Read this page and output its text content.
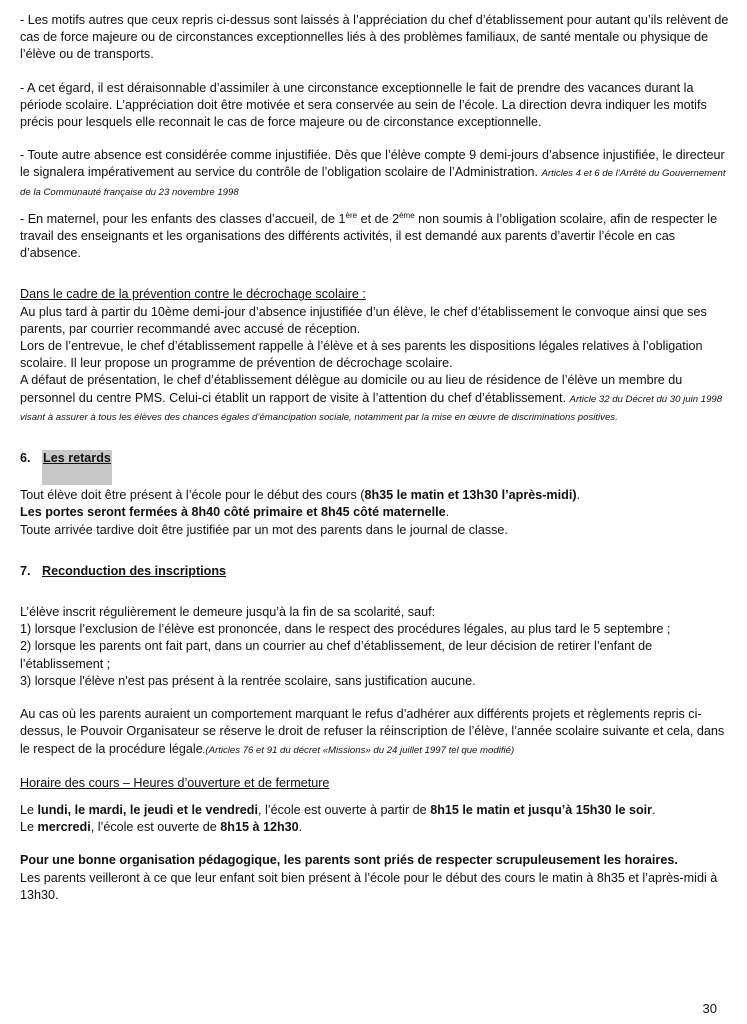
- Les motifs autres que ceux repris ci-dessus sont laissés à l’appréciation du chef d’établissement pour autant qu’ils relèvent de cas de force majeure ou de circonstances exceptionnelles liés à des problèmes familiaux, de santé mentale ou physique de l’élève ou de transports.

- A cet égard, il est déraisonnable d’assimiler à une circonstance exceptionnelle le fait de prendre des vacances durant la période scolaire. L’appréciation doit être motivée et sera conservée au sein de l’école. La direction devra indiquer les motifs précis pour lesquels elle reconnait le cas de force majeure ou de circonstance exceptionnelle.

- Toute autre absence est considérée comme injustifiée. Dès que l’élève compte 9 demi-jours d’absence injustifiée, le directeur le signalera impérativement au service du contrôle de l’obligation scolaire de l’Administration. Articles 4 et 6 de l’Arrêté du Gouvernement de la Communauté française du 23 novembre 1998

- En maternel, pour les enfants des classes d’accueil, de 1ère et de 2ème non soumis à l’obligation scolaire, afin de respecter le travail des enseignants et les organisations des différents activités, il est demandé aux parents d’avertir l’école en cas d’absence.

Dans le cadre de la prévention contre le décrochage scolaire :

Au plus tard à partir du 10ème demi-jour d’absence injustifiée d’un élève, le chef d’établissement le convoque ainsi que ses parents, par courrier recommandé avec accusé de réception.

Lors de l’entrevue, le chef d’établissement rappelle à l’élève et à ses parents les dispositions légales relatives à l’obligation scolaire. Il leur propose un programme de prévention de décrochage scolaire.

A défaut de présentation, le chef d’établissement délègue au domicile ou au lieu de résidence de l’élève un membre du personnel du centre PMS. Celui-ci établit un rapport de visite à l’attention du chef d’établissement. Article 32 du Décret du 30 juin 1998 visant à assurer à tous les élèves des chances égales d’émancipation sociale, notamment par la mise en œuvre de discriminations positives.

6. Les retards

Tout élève doit être présent à l’école pour le début des cours (8h35 le matin et 13h30 l’après-midi).

Les portes seront fermées à 8h40 côté primaire et 8h45 côté maternelle.

Toute arrivée tardive doit être justifiée par un mot des parents dans le journal de classe.

7. Reconduction des inscriptions

L’élève inscrit régulièrement le demeure jusqu’à la fin de sa scolarité, sauf:

1) lorsque l’exclusion de l’élève est prononcée, dans le respect des procédures légales, au plus tard le 5 septembre ;

2) lorsque les parents ont fait part, dans un courrier au chef d’établissement, de leur décision de retirer l’enfant de l’établissement ;

3) lorsque l'élève n'est pas présent à la rentrée scolaire, sans justification aucune.

Au cas où les parents auraient un comportement marquant le refus d’adhérer aux différents projets et règlements repris ci-dessus, le Pouvoir Organisateur se réserve le droit de refuser la réinscription de l’élève, l’année scolaire suivante et cela, dans le respect de la procédure légale.(Articles 76 et 91 du décret «Missions» du 24 juillet 1997 tel que modifié)

Horaire des cours – Heures d’ouverture et de fermeture

Le lundi, le mardi, le jeudi et le vendredi, l’école est ouverte à partir de 8h15 le matin et jusqu’à 15h30 le soir.

Le mercredi, l’école est ouverte de 8h15 à 12h30.

Pour une bonne organisation pédagogique, les parents sont priés de respecter scrupuleusement les horaires.

Les parents veilleront à ce que leur enfant soit bien présent à l’école pour le début des cours le matin à 8h35 et l’après-midi à 13h30.

30
